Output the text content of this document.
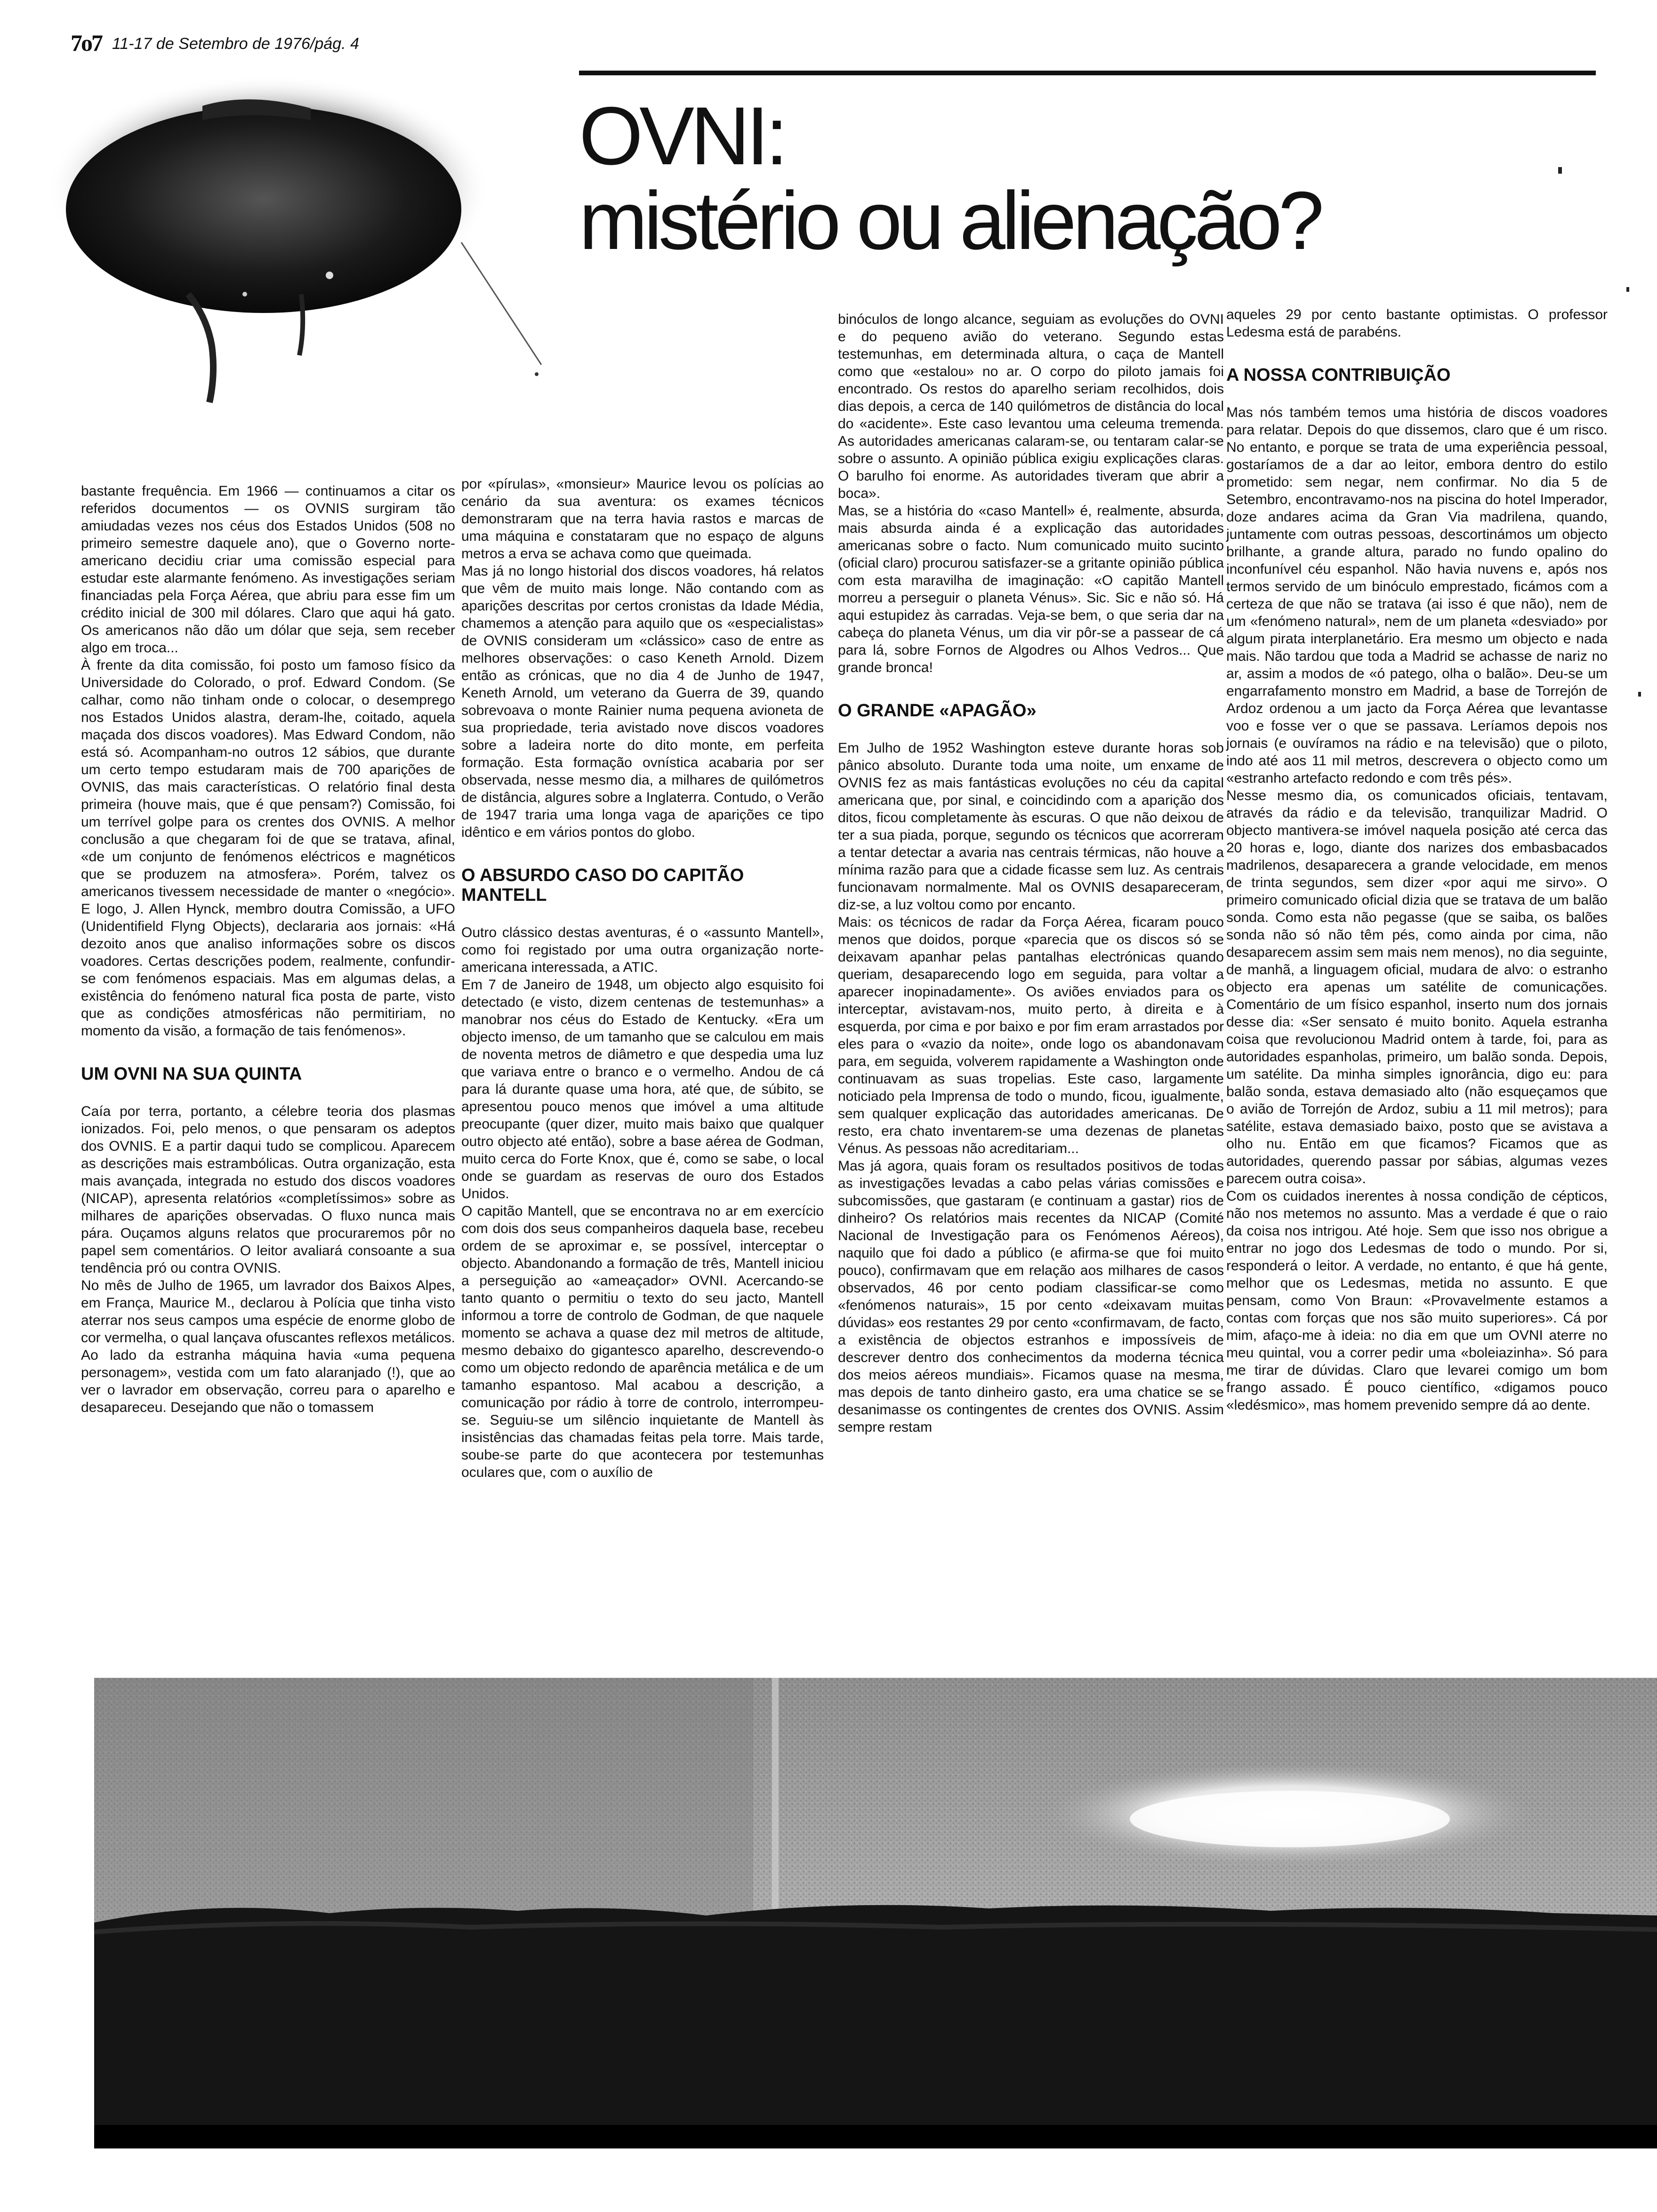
7o7 11-17 de Setembro de 1976/pág. 4
OVNI:
mistério ou alienação?

bastante frequência. Em 1966 — continuamos a citar os referidos documentos — os OVNIS surgiram tão amiudadas vezes nos céus dos Estados Unidos (508 no primeiro semestre daquele ano), que o Governo norte-americano decidiu criar uma comissão especial para estudar este alarmante fenómeno. As investigações seriam financiadas pela Força Aérea, que abriu para esse fim um crédito inicial de 300 mil dólares. Claro que aqui há gato. Os americanos não dão um dólar que seja, sem receber algo em troca...

À frente da dita comissão, foi posto um famoso físico da Universidade do Colorado, o prof. Edward Condom. (Se calhar, como não tinham onde o colocar, o desemprego nos Estados Unidos alastra, deram-lhe, coitado, aquela maçada dos discos voadores). Mas Edward Condom, não está só. Acompanham-no outros 12 sábios, que durante um certo tempo estudaram mais de 700 aparições de OVNIS, das mais características. O relatório final desta primeira (houve mais, que é que pensam?) Comissão, foi um terrível golpe para os crentes dos OVNIS. A melhor conclusão a que chegaram foi de que se tratava, afinal, «de um conjunto de fenómenos eléctricos e magnéticos que se produzem na atmosfera». Porém, talvez os americanos tivessem necessidade de manter o «negócio». E logo, J. Allen Hynck, membro doutra Comissão, a UFO (Unidentifield Flyng Objects), declararia aos jornais: «Há dezoito anos que analiso informações sobre os discos voadores. Certas descrições podem, realmente, confundir-se com fenómenos espaciais. Mas em algumas delas, a existência do fenómeno natural fica posta de parte, visto que as condições atmosféricas não permitiriam, no momento da visão, a formação de tais fenómenos».

UM OVNI NA SUA QUINTA

Caía por terra, portanto, a célebre teoria dos plasmas ionizados. Foi, pelo menos, o que pensaram os adeptos dos OVNIS. E a partir daqui tudo se complicou. Aparecem as descrições mais estrambólicas. Outra organização, esta mais avançada, integrada no estudo dos discos voadores (NICAP), apresenta relatórios «completíssimos» sobre as milhares de aparições observadas. O fluxo nunca mais pára. Ouçamos alguns relatos que procuraremos pôr no papel sem comentários. O leitor avaliará consoante a sua tendência pró ou contra OVNIS.

No mês de Julho de 1965, um lavrador dos Baixos Alpes, em França, Maurice M., declarou à Polícia que tinha visto aterrar nos seus campos uma espécie de enorme globo de cor vermelha, o qual lançava ofuscantes reflexos metálicos. Ao lado da estranha máquina havia «uma pequena personagem», vestida com um fato alaranjado (!), que ao ver o lavrador em observação, correu para o aparelho e desapareceu. Desejando que não o tomassem

por «pírulas», «monsieur» Maurice levou os polícias ao cenário da sua aventura: os exames técnicos demonstraram que na terra havia rastos e marcas de uma máquina e constataram que no espaço de alguns metros a erva se achava como que queimada.

Mas já no longo historial dos discos voadores, há relatos que vêm de muito mais longe. Não contando com as aparições descritas por certos cronistas da Idade Média, chamemos a atenção para aquilo que os «especialistas» de OVNIS consideram um «clássico» caso de entre as melhores observações: o caso Keneth Arnold. Dizem então as crónicas, que no dia 4 de Junho de 1947, Keneth Arnold, um veterano da Guerra de 39, quando sobrevoava o monte Rainier numa pequena avioneta de sua propriedade, teria avistado nove discos voadores sobre a ladeira norte do dito monte, em perfeita formação. Esta formação ovnística acabaria por ser observada, nesse mesmo dia, a milhares de quilómetros de distância, algures sobre a Inglaterra. Contudo, o Verão de 1947 traria uma longa vaga de aparições ce tipo idêntico e em vários pontos do globo.

O ABSURDO CASO DO CAPITÃO MANTELL

Outro clássico destas aventuras, é o «assunto Mantell», como foi registado por uma outra organização norte-americana interessada, a ATIC.

Em 7 de Janeiro de 1948, um objecto algo esquisito foi detectado (e visto, dizem centenas de testemunhas» a manobrar nos céus do Estado de Kentucky. «Era um objecto imenso, de um tamanho que se calculou em mais de noventa metros de diâmetro e que despedia uma luz que variava entre o branco e o vermelho. Andou de cá para lá durante quase uma hora, até que, de súbito, se apresentou pouco menos que imóvel a uma altitude preocupante (quer dizer, muito mais baixo que qualquer outro objecto até então), sobre a base aérea de Godman, muito cerca do Forte Knox, que é, como se sabe, o local onde se guardam as reservas de ouro dos Estados Unidos.

O capitão Mantell, que se encontrava no ar em exercício com dois dos seus companheiros daquela base, recebeu ordem de se aproximar e, se possível, interceptar o objecto. Abandonando a formação de três, Mantell iniciou a perseguição ao «ameaçador» OVNI. Acercando-se tanto quanto o permitiu o texto do seu jacto, Mantell informou a torre de controlo de Godman, de que naquele momento se achava a quase dez mil metros de altitude, mesmo debaixo do gigantesco aparelho, descrevendo-o como um objecto redondo de aparência metálica e de um tamanho espantoso. Mal acabou a descrição, a comunicação por rádio à torre de controlo, interrompeu-se. Seguiu-se um silêncio inquietante de Mantell às insistências das chamadas feitas pela torre. Mais tarde, soube-se parte do que acontecera por testemunhas oculares que, com o auxílio de

binóculos de longo alcance, seguiam as evoluções do OVNI e do pequeno avião do veterano. Segundo estas testemunhas, em determinada altura, o caça de Mantell como que «estalou» no ar. O corpo do piloto jamais foi encontrado. Os restos do aparelho seriam recolhidos, dois dias depois, a cerca de 140 quilómetros de distância do local do «acidente». Este caso levantou uma celeuma tremenda. As autoridades americanas calaram-se, ou tentaram calar-se sobre o assunto. A opinião pública exigiu explicações claras. O barulho foi enorme. As autoridades tiveram que abrir a boca».

Mas, se a história do «caso Mantell» é, realmente, absurda, mais absurda ainda é a explicação das autoridades americanas sobre o facto. Num comunicado muito sucinto (oficial claro) procurou satisfazer-se a gritante opinião pública com esta maravilha de imaginação: «O capitão Mantell morreu a perseguir o planeta Vénus». Sic. Sic e não só. Há aqui estupidez às carradas. Veja-se bem, o que seria dar na cabeça do planeta Vénus, um dia vir pôr-se a passear de cá para lá, sobre Fornos de Algodres ou Alhos Vedros... Que grande bronca!

O GRANDE «APAGÃO»

Em Julho de 1952 Washington esteve durante horas sob pânico absoluto. Durante toda uma noite, um enxame de OVNIS fez as mais fantásticas evoluções no céu da capital americana que, por sinal, e coincidindo com a aparição dos ditos, ficou completamente às escuras. O que não deixou de ter a sua piada, porque, segundo os técnicos que acorreram a tentar detectar a avaria nas centrais térmicas, não houve a mínima razão para que a cidade ficasse sem luz. As centrais funcionavam normalmente. Mal os OVNIS desapareceram, diz-se, a luz voltou como por encanto.

Mais: os técnicos de radar da Força Aérea, ficaram pouco menos que doidos, porque «parecia que os discos só se deixavam apanhar pelas pantalhas electrónicas quando queriam, desaparecendo logo em seguida, para voltar a aparecer inopinadamente». Os aviões enviados para os interceptar, avistavam-nos, muito perto, à direita e à esquerda, por cima e por baixo e por fim eram arrastados por eles para o «vazio da noite», onde logo os abandonavam para, em seguida, volverem rapidamente a Washington onde continuavam as suas tropelias. Este caso, largamente noticiado pela Imprensa de todo o mundo, ficou, igualmente, sem qualquer explicação das autoridades americanas. De resto, era chato inventarem-se uma dezenas de planetas Vénus. As pessoas não acreditariam...

Mas já agora, quais foram os resultados positivos de todas as investigações levadas a cabo pelas várias comissões e subcomissões, que gastaram (e continuam a gastar) rios de dinheiro? Os relatórios mais recentes da NICAP (Comité Nacional de Investigação para os Fenómenos Aéreos), naquilo que foi dado a público (e afirma-se que foi muito pouco), confirmavam que em relação aos milhares de casos observados, 46 por cento podiam classificar-se como «fenómenos naturais», 15 por cento «deixavam muitas dúvidas» eos restantes 29 por cento «confirmavam, de facto, a existência de objectos estranhos e impossíveis de descrever dentro dos conhecimentos da moderna técnica dos meios aéreos mundiais». Ficamos quase na mesma, mas depois de tanto dinheiro gasto, era uma chatice se se desanimasse os contingentes de crentes dos OVNIS. Assim sempre restam

aqueles 29 por cento bastante optimistas. O professor Ledesma está de parabéns.

A NOSSA CONTRIBUIÇÃO

Mas nós também temos uma história de discos voadores para relatar. Depois do que dissemos, claro que é um risco. No entanto, e porque se trata de uma experiência pessoal, gostaríamos de a dar ao leitor, embora dentro do estilo prometido: sem negar, nem confirmar. No dia 5 de Setembro, encontravamo-nos na piscina do hotel Imperador, doze andares acima da Gran Via madrilena, quando, juntamente com outras pessoas, descortinámos um objecto brilhante, a grande altura, parado no fundo opalino do inconfunível céu espanhol. Não havia nuvens e, após nos termos servido de um binóculo emprestado, ficámos com a certeza de que não se tratava (ai isso é que não), nem de um «fenómeno natural», nem de um planeta «desviado» por algum pirata interplanetário. Era mesmo um objecto e nada mais. Não tardou que toda a Madrid se achasse de nariz no ar, assim a modos de «ó patego, olha o balão». Deu-se um engarrafamento monstro em Madrid, a base de Torrejón de Ardoz ordenou a um jacto da Força Aérea que levantasse voo e fosse ver o que se passava. Leríamos depois nos jornais (e ouvíramos na rádio e na televisão) que o piloto, indo até aos 11 mil metros, descrevera o objecto como um «estranho artefacto redondo e com três pés».

Nesse mesmo dia, os comunicados oficiais, tentavam, através da rádio e da televisão, tranquilizar Madrid. O objecto mantivera-se imóvel naquela posição até cerca das 20 horas e, logo, diante dos narizes dos embasbacados madrilenos, desaparecera a grande velocidade, em menos de trinta segundos, sem dizer «por aqui me sirvo». O primeiro comunicado oficial dizia que se tratava de um balão sonda. Como esta não pegasse (que se saiba, os balões sonda não só não têm pés, como ainda por cima, não desaparecem assim sem mais nem menos), no dia seguinte, de manhã, a linguagem oficial, mudara de alvo: o estranho objecto era apenas um satélite de comunicações. Comentário de um físico espanhol, inserto num dos jornais desse dia: «Ser sensato é muito bonito. Aquela estranha coisa que revolucionou Madrid ontem à tarde, foi, para as autoridades espanholas, primeiro, um balão sonda. Depois, um satélite. Da minha simples ignorância, digo eu: para balão sonda, estava demasiado alto (não esqueçamos que o avião de Torrejón de Ardoz, subiu a 11 mil metros); para satélite, estava demasiado baixo, posto que se avistava a olho nu. Então em que ficamos? Ficamos que as autoridades, querendo passar por sábias, algumas vezes parecem outra coisa».

Com os cuidados inerentes à nossa condição de cépticos, não nos metemos no assunto. Mas a verdade é que o raio da coisa nos intrigou. Até hoje. Sem que isso nos obrigue a entrar no jogo dos Ledesmas de todo o mundo. Por si, responderá o leitor. A verdade, no entanto, é que há gente, melhor que os Ledesmas, metida no assunto. E que pensam, como Von Braun: «Provavelmente estamos a contas com forças que nos são muito superiores». Cá por mim, afaço-me à ideia: no dia em que um OVNI aterre no meu quintal, vou a correr pedir uma «boleiazinha». Só para me tirar de dúvidas. Claro que levarei comigo um bom frango assado. É pouco científico, «digamos pouco «ledésmico», mas homem prevenido sempre dá ao dente.
